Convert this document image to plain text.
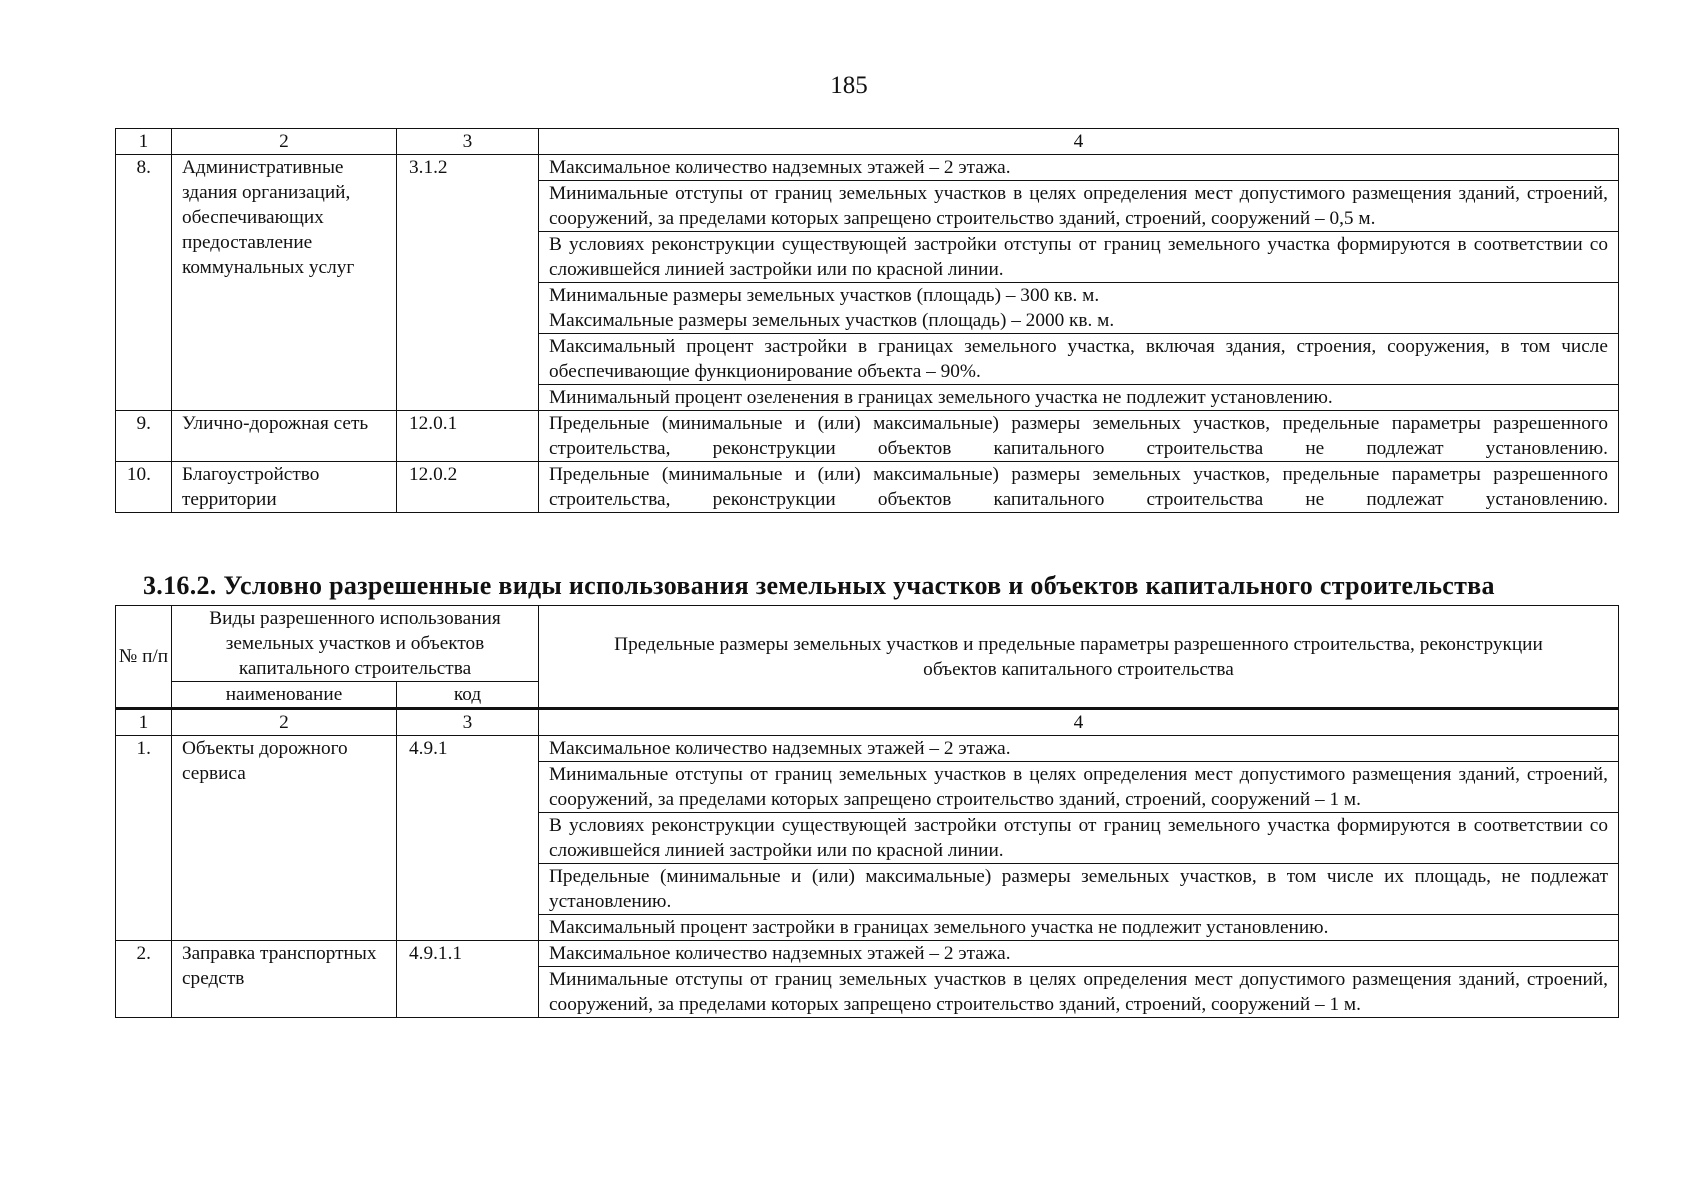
185
1	2	3	4
8.	Административные здания организаций, обеспечивающих предоставление коммунальных услуг	3.1.2	Максимальное количество надземных этажей – 2 этажа.
			Минимальные отступы от границ земельных участков в целях определения мест допустимого размещения зданий, строений, сооружений, за пределами которых запрещено строительство зданий, строений, сооружений – 0,5 м.
			В условиях реконструкции существующей застройки отступы от границ земельного участка формируются в соответствии со сложившейся линией застройки или по красной линии.

			Минимальные размеры земельных участков (площадь) – 300 кв. м.
Максимальные размеры земельных участков (площадь) – 2000 кв. м.

			Максимальный процент застройки в границах земельного участка, включая здания, строения, сооружения, в том числе обеспечивающие функционирование объекта – 90%.
			Минимальный процент озеленения в границах земельного участка не подлежит установлению.
9.	Улично-дорожная сеть	12.0.1	Предельные (минимальные и (или) максимальные) размеры земельных участков, предельные параметры разрешенного строительства, реконструкции объектов капитального строительства не подлежат установлению.
10.	Благоустройство территории	12.0.2	Предельные (минимальные и (или) максимальные) размеры земельных участков, предельные параметры разрешенного строительства, реконструкции объектов капитального строительства не подлежат установлению.
3.16.2. Условно разрешенные виды использования земельных участков и объектов капитального строительства
№ п/п	Виды разрешенного использования земельных участков и объектов капитального строительства		Предельные размеры земельных участков и предельные параметры разрешенного строительства, реконструкции объектов капитального строительства
	наименование	код	
1	2	3	4
1.	Объекты дорожного сервиса	4.9.1	Максимальное количество надземных этажей – 2 этажа.
			Минимальные отступы от границ земельных участков в целях определения мест допустимого размещения зданий, строений, сооружений, за пределами которых запрещено строительство зданий, строений, сооружений – 1 м.
			В условиях реконструкции существующей застройки отступы от границ земельного участка формируются в соответствии со сложившейся линией застройки или по красной линии.
			Предельные (минимальные и (или) максимальные) размеры земельных участков, в том числе их площадь, не подлежат установлению.
			Максимальный процент застройки в границах земельного участка не подлежит установлению.
2.	Заправка транспортных средств	4.9.1.1	Максимальное количество надземных этажей – 2 этажа.
			Минимальные отступы от границ земельных участков в целях определения мест допустимого размещения зданий, строений, сооружений, за пределами которых запрещено строительство зданий, строений, сооружений – 1 м.
